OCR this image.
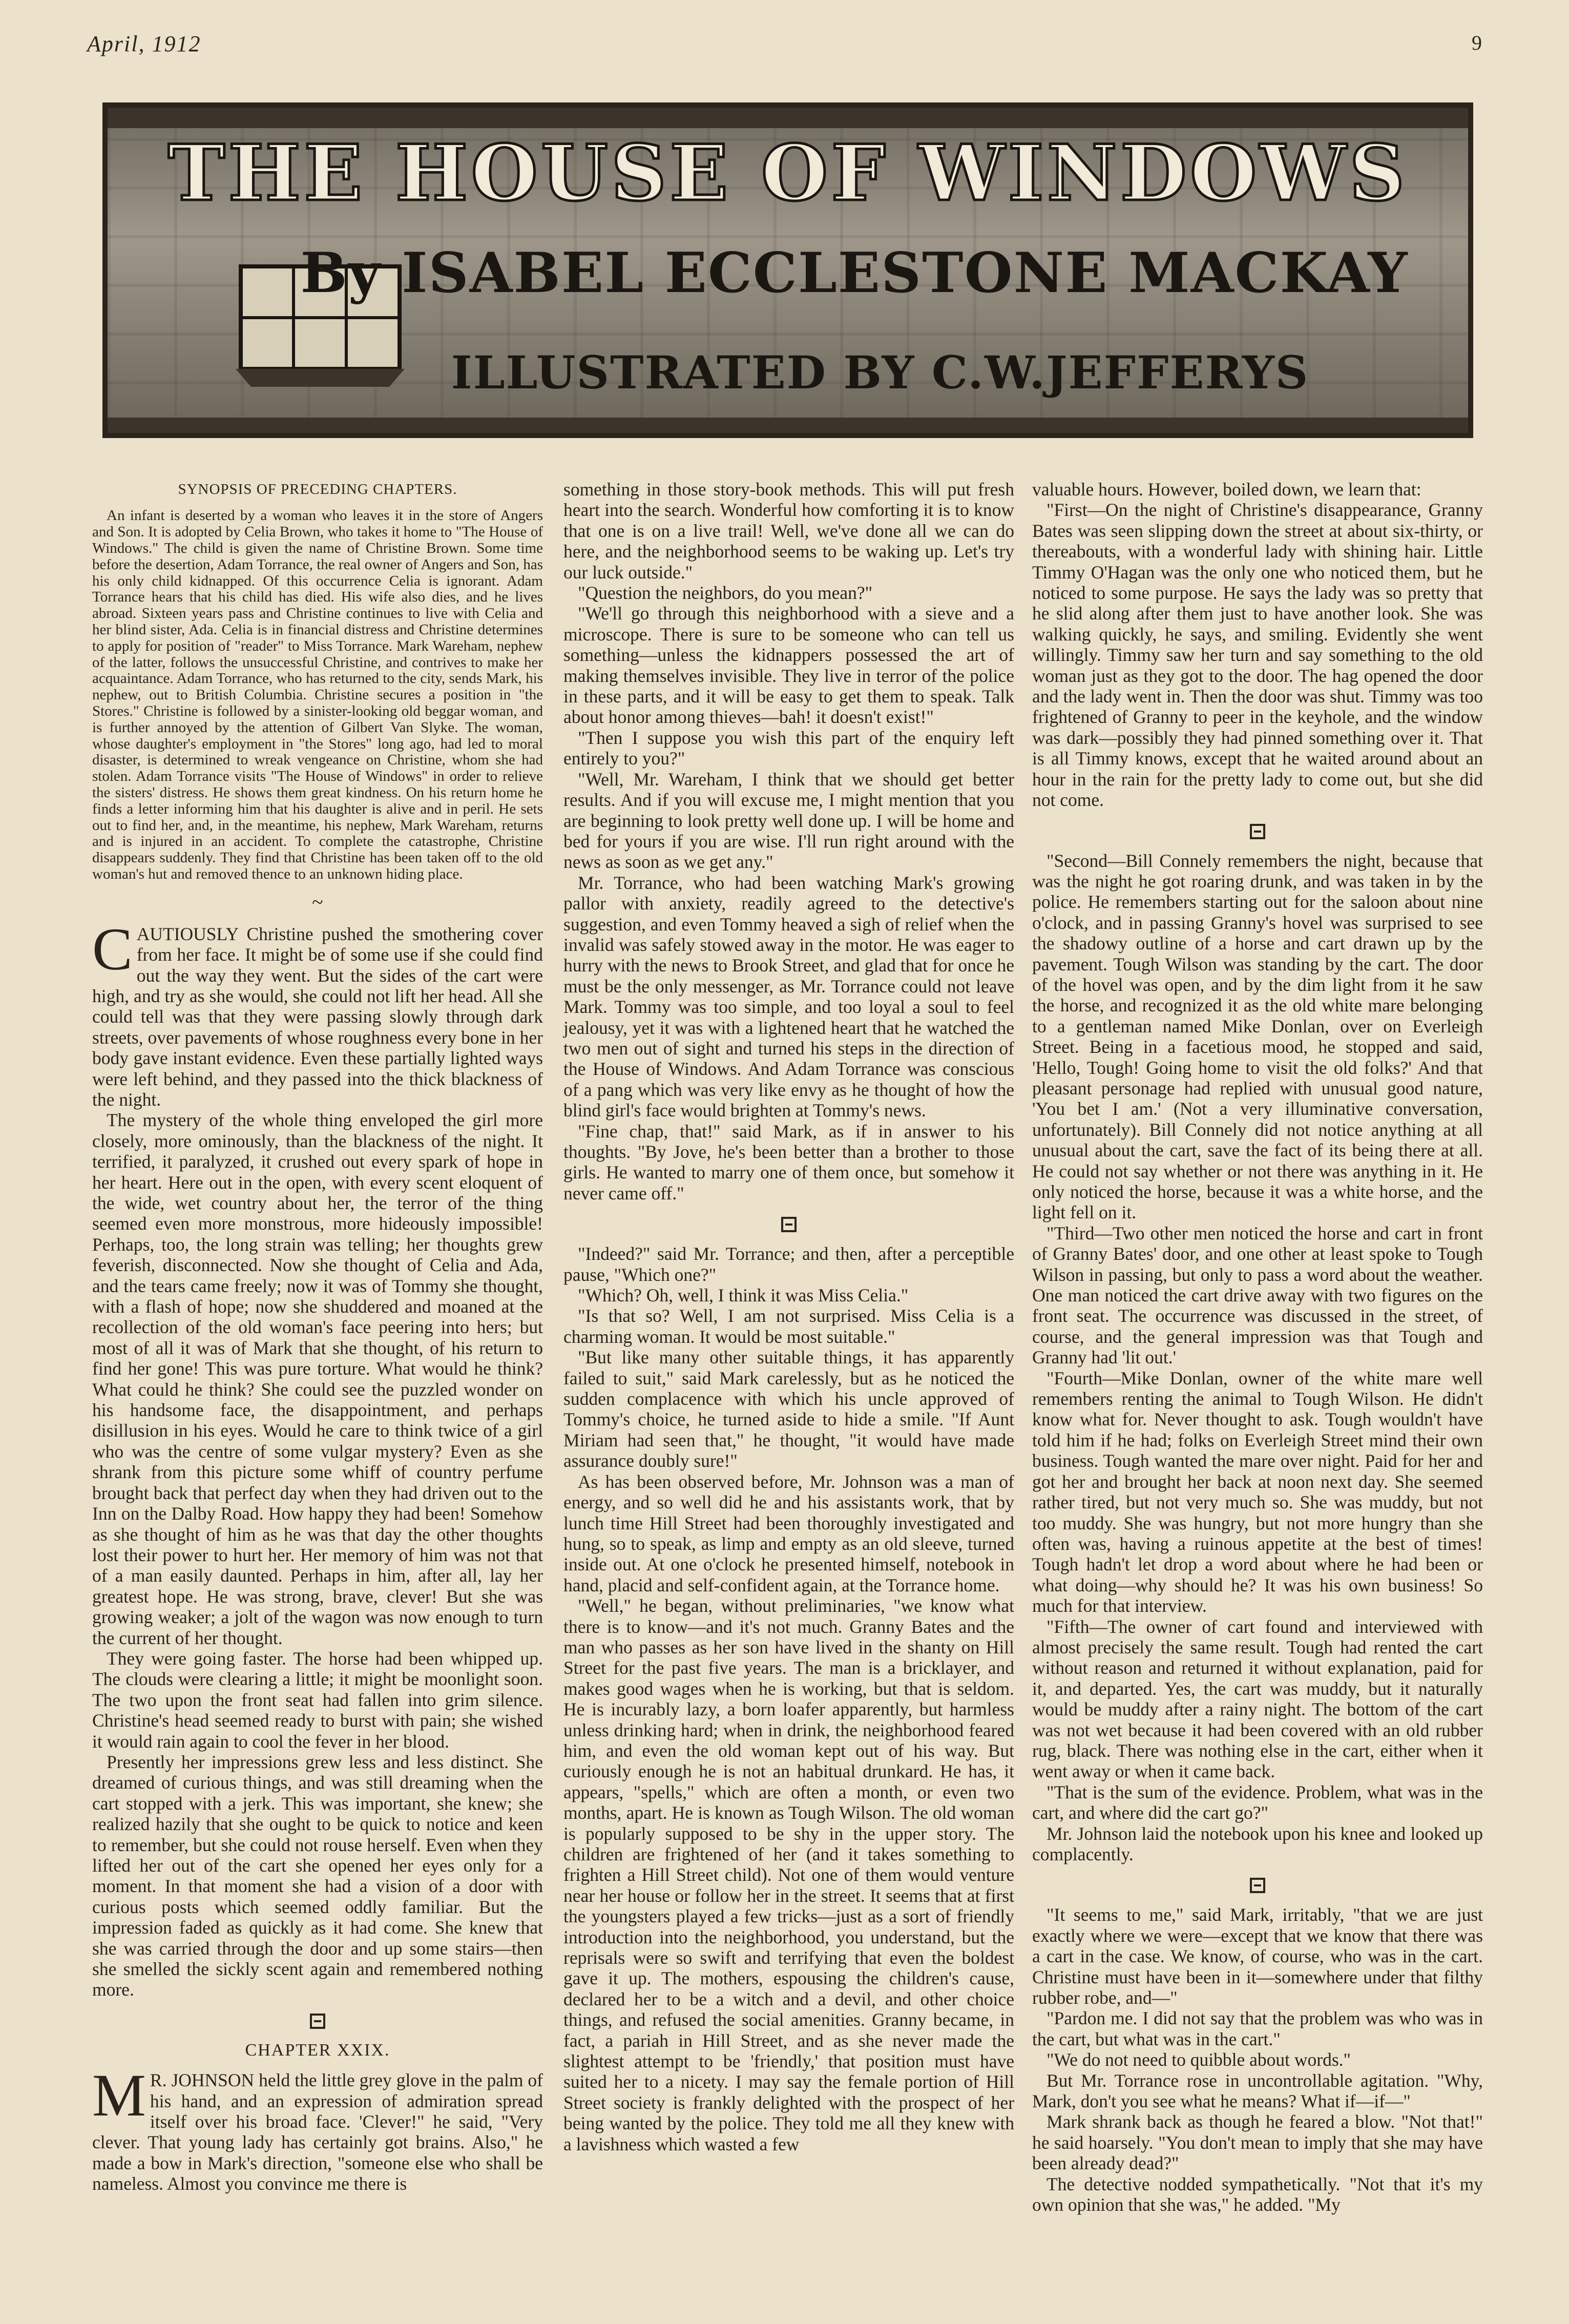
April, 1912	9
THE HOUSE OF WINDOWS
By ISABEL ECCLESTONE MACKAY
ILLUSTRATED BY C.W.JEFFERYS
SYNOPSIS OF PRECEDING CHAPTERS.

An infant is deserted by a woman who leaves it in the store of Angers and Son. It is adopted by Celia Brown, who takes it home to "The House of Windows." The child is given the name of Christine Brown. Some time before the desertion, Adam Torrance, the real owner of Angers and Son, has his only child kidnapped. Of this occurrence Celia is ignorant. Adam Torrance hears that his child has died. His wife also dies, and he lives abroad. Sixteen years pass and Christine continues to live with Celia and her blind sister, Ada. Celia is in financial distress and Christine determines to apply for position of "reader" to Miss Torrance. Mark Wareham, nephew of the latter, follows the unsuccessful Christine, and contrives to make her acquaintance. Adam Torrance, who has returned to the city, sends Mark, his nephew, out to British Columbia. Christine secures a position in "the Stores." Christine is followed by a sinister-looking old beggar woman, and is further annoyed by the attention of Gilbert Van Slyke. The woman, whose daughter's employment in "the Stores" long ago, had led to moral disaster, is determined to wreak vengeance on Christine, whom she had stolen. Adam Torrance visits "The House of Windows" in order to relieve the sisters' distress. He shows them great kindness. On his return home he finds a letter informing him that his daughter is alive and in peril. He sets out to find her, and, in the meantime, his nephew, Mark Wareham, returns and is injured in an accident. To complete the catastrophe, Christine disappears suddenly. They find that Christine has been taken off to the old woman's hut and removed thence to an unknown hiding place.

~

CAUTIOUSLY Christine pushed the smothering cover from her face. It might be of some use if she could find out the way they went. But the sides of the cart were high, and try as she would, she could not lift her head. All she could tell was that they were passing slowly through dark streets, over pavements of whose roughness every bone in her body gave instant evidence. Even these partially lighted ways were left behind, and they passed into the thick blackness of the night.

The mystery of the whole thing enveloped the girl more closely, more ominously, than the blackness of the night. It terrified, it paralyzed, it crushed out every spark of hope in her heart. Here out in the open, with every scent eloquent of the wide, wet country about her, the terror of the thing seemed even more monstrous, more hideously impossible! Perhaps, too, the long strain was telling; her thoughts grew feverish, disconnected. Now she thought of Celia and Ada, and the tears came freely; now it was of Tommy she thought, with a flash of hope; now she shuddered and moaned at the recollection of the old woman's face peering into hers; but most of all it was of Mark that she thought, of his return to find her gone! This was pure torture. What would he think? What could he think? She could see the puzzled wonder on his handsome face, the disappointment, and perhaps disillusion in his eyes. Would he care to think twice of a girl who was the centre of some vulgar mystery? Even as she shrank from this picture some whiff of country perfume brought back that perfect day when they had driven out to the Inn on the Dalby Road. How happy they had been! Somehow as she thought of him as he was that day the other thoughts lost their power to hurt her. Her memory of him was not that of a man easily daunted. Perhaps in him, after all, lay her greatest hope. He was strong, brave, clever! But she was growing weaker; a jolt of the wagon was now enough to turn the current of her thought.

They were going faster. The horse had been whipped up. The clouds were clearing a little; it might be moonlight soon. The two upon the front seat had fallen into grim silence. Christine's head seemed ready to burst with pain; she wished it would rain again to cool the fever in her blood.

Presently her impressions grew less and less distinct. She dreamed of curious things, and was still dreaming when the cart stopped with a jerk. This was important, she knew; she realized hazily that she ought to be quick to notice and keen to remember, but she could not rouse herself. Even when they lifted her out of the cart she opened her eyes only for a moment. In that moment she had a vision of a door with curious posts which seemed oddly familiar. But the impression faded as quickly as it had come. She knew that she was carried through the door and up some stairs—then she smelled the sickly scent again and remembered nothing more.

CHAPTER XXIX.

MR. JOHNSON held the little grey glove in the palm of his hand, and an expression of admiration spread itself over his broad face. 'Clever!" he said, "Very clever. That young lady has certainly got brains. Also," he made a bow in Mark's direction, "someone else who shall be nameless. Almost you convince me there is

something in those story-book methods. This will put fresh heart into the search. Wonderful how comforting it is to know that one is on a live trail! Well, we've done all we can do here, and the neighborhood seems to be waking up. Let's try our luck outside."

"Question the neighbors, do you mean?"

"We'll go through this neighborhood with a sieve and a microscope. There is sure to be someone who can tell us something—unless the kidnappers possessed the art of making themselves invisible. They live in terror of the police in these parts, and it will be easy to get them to speak. Talk about honor among thieves—bah! it doesn't exist!"

"Then I suppose you wish this part of the enquiry left entirely to you?"

"Well, Mr. Wareham, I think that we should get better results. And if you will excuse me, I might mention that you are beginning to look pretty well done up. I will be home and bed for yours if you are wise. I'll run right around with the news as soon as we get any."

Mr. Torrance, who had been watching Mark's growing pallor with anxiety, readily agreed to the detective's suggestion, and even Tommy heaved a sigh of relief when the invalid was safely stowed away in the motor. He was eager to hurry with the news to Brook Street, and glad that for once he must be the only messenger, as Mr. Torrance could not leave Mark. Tommy was too simple, and too loyal a soul to feel jealousy, yet it was with a lightened heart that he watched the two men out of sight and turned his steps in the direction of the House of Windows. And Adam Torrance was conscious of a pang which was very like envy as he thought of how the blind girl's face would brighten at Tommy's news.

"Fine chap, that!" said Mark, as if in answer to his thoughts. "By Jove, he's been better than a brother to those girls. He wanted to marry one of them once, but somehow it never came off."

"Indeed?" said Mr. Torrance; and then, after a perceptible pause, "Which one?"

"Which? Oh, well, I think it was Miss Celia."

"Is that so? Well, I am not surprised. Miss Celia is a charming woman. It would be most suitable."

"But like many other suitable things, it has apparently failed to suit," said Mark carelessly, but as he noticed the sudden complacence with which his uncle approved of Tommy's choice, he turned aside to hide a smile. "If Aunt Miriam had seen that," he thought, "it would have made assurance doubly sure!"

As has been observed before, Mr. Johnson was a man of energy, and so well did he and his assistants work, that by lunch time Hill Street had been thoroughly investigated and hung, so to speak, as limp and empty as an old sleeve, turned inside out. At one o'clock he presented himself, notebook in hand, placid and self-confident again, at the Torrance home.

"Well," he began, without preliminaries, "we know what there is to know—and it's not much. Granny Bates and the man who passes as her son have lived in the shanty on Hill Street for the past five years. The man is a bricklayer, and makes good wages when he is working, but that is seldom. He is incurably lazy, a born loafer apparently, but harmless unless drinking hard; when in drink, the neighborhood feared him, and even the old woman kept out of his way. But curiously enough he is not an habitual drunkard. He has, it appears, "spells," which are often a month, or even two months, apart. He is known as Tough Wilson. The old woman is popularly supposed to be shy in the upper story. The children are frightened of her (and it takes something to frighten a Hill Street child). Not one of them would venture near her house or follow her in the street. It seems that at first the youngsters played a few tricks—just as a sort of friendly introduction into the neighborhood, you understand, but the reprisals were so swift and terrifying that even the boldest gave it up. The mothers, espousing the children's cause, declared her to be a witch and a devil, and other choice things, and refused the social amenities. Granny became, in fact, a pariah in Hill Street, and as she never made the slightest attempt to be 'friendly,' that position must have suited her to a nicety. I may say the female portion of Hill Street society is frankly delighted with the prospect of her being wanted by the police. They told me all they knew with a lavishness which wasted a few

valuable hours. However, boiled down, we learn that:

"First—On the night of Christine's disappearance, Granny Bates was seen slipping down the street at about six-thirty, or thereabouts, with a wonderful lady with shining hair. Little Timmy O'Hagan was the only one who noticed them, but he noticed to some purpose. He says the lady was so pretty that he slid along after them just to have another look. She was walking quickly, he says, and smiling. Evidently she went willingly. Timmy saw her turn and say something to the old woman just as they got to the door. The hag opened the door and the lady went in. Then the door was shut. Timmy was too frightened of Granny to peer in the keyhole, and the window was dark—possibly they had pinned something over it. That is all Timmy knows, except that he waited around about an hour in the rain for the pretty lady to come out, but she did not come.

"Second—Bill Connely remembers the night, because that was the night he got roaring drunk, and was taken in by the police. He remembers starting out for the saloon about nine o'clock, and in passing Granny's hovel was surprised to see the shadowy outline of a horse and cart drawn up by the pavement. Tough Wilson was standing by the cart. The door of the hovel was open, and by the dim light from it he saw the horse, and recognized it as the old white mare belonging to a gentleman named Mike Donlan, over on Everleigh Street. Being in a facetious mood, he stopped and said, 'Hello, Tough! Going home to visit the old folks?' And that pleasant personage had replied with unusual good nature, 'You bet I am.' (Not a very illuminative conversation, unfortunately). Bill Connely did not notice anything at all unusual about the cart, save the fact of its being there at all. He could not say whether or not there was anything in it. He only noticed the horse, because it was a white horse, and the light fell on it.

"Third—Two other men noticed the horse and cart in front of Granny Bates' door, and one other at least spoke to Tough Wilson in passing, but only to pass a word about the weather. One man noticed the cart drive away with two figures on the front seat. The occurrence was discussed in the street, of course, and the general impression was that Tough and Granny had 'lit out.'

"Fourth—Mike Donlan, owner of the white mare well remembers renting the animal to Tough Wilson. He didn't know what for. Never thought to ask. Tough wouldn't have told him if he had; folks on Everleigh Street mind their own business. Tough wanted the mare over night. Paid for her and got her and brought her back at noon next day. She seemed rather tired, but not very much so. She was muddy, but not too muddy. She was hungry, but not more hungry than she often was, having a ruinous appetite at the best of times! Tough hadn't let drop a word about where he had been or what doing—why should he? It was his own business! So much for that interview.

"Fifth—The owner of cart found and interviewed with almost precisely the same result. Tough had rented the cart without reason and returned it without explanation, paid for it, and departed. Yes, the cart was muddy, but it naturally would be muddy after a rainy night. The bottom of the cart was not wet because it had been covered with an old rubber rug, black. There was nothing else in the cart, either when it went away or when it came back.

"That is the sum of the evidence. Problem, what was in the cart, and where did the cart go?"

Mr. Johnson laid the notebook upon his knee and looked up complacently.

"It seems to me," said Mark, irritably, "that we are just exactly where we were—except that we know that there was a cart in the case. We know, of course, who was in the cart. Christine must have been in it—somewhere under that filthy rubber robe, and—"

"Pardon me. I did not say that the problem was who was in the cart, but what was in the cart."

"We do not need to quibble about words."

But Mr. Torrance rose in uncontrollable agitation. "Why, Mark, don't you see what he means? What if—if—"

Mark shrank back as though he feared a blow. "Not that!" he said hoarsely. "You don't mean to imply that she may have been already dead?"

The detective nodded sympathetically. "Not that it's my own opinion that she was," he added. "My
